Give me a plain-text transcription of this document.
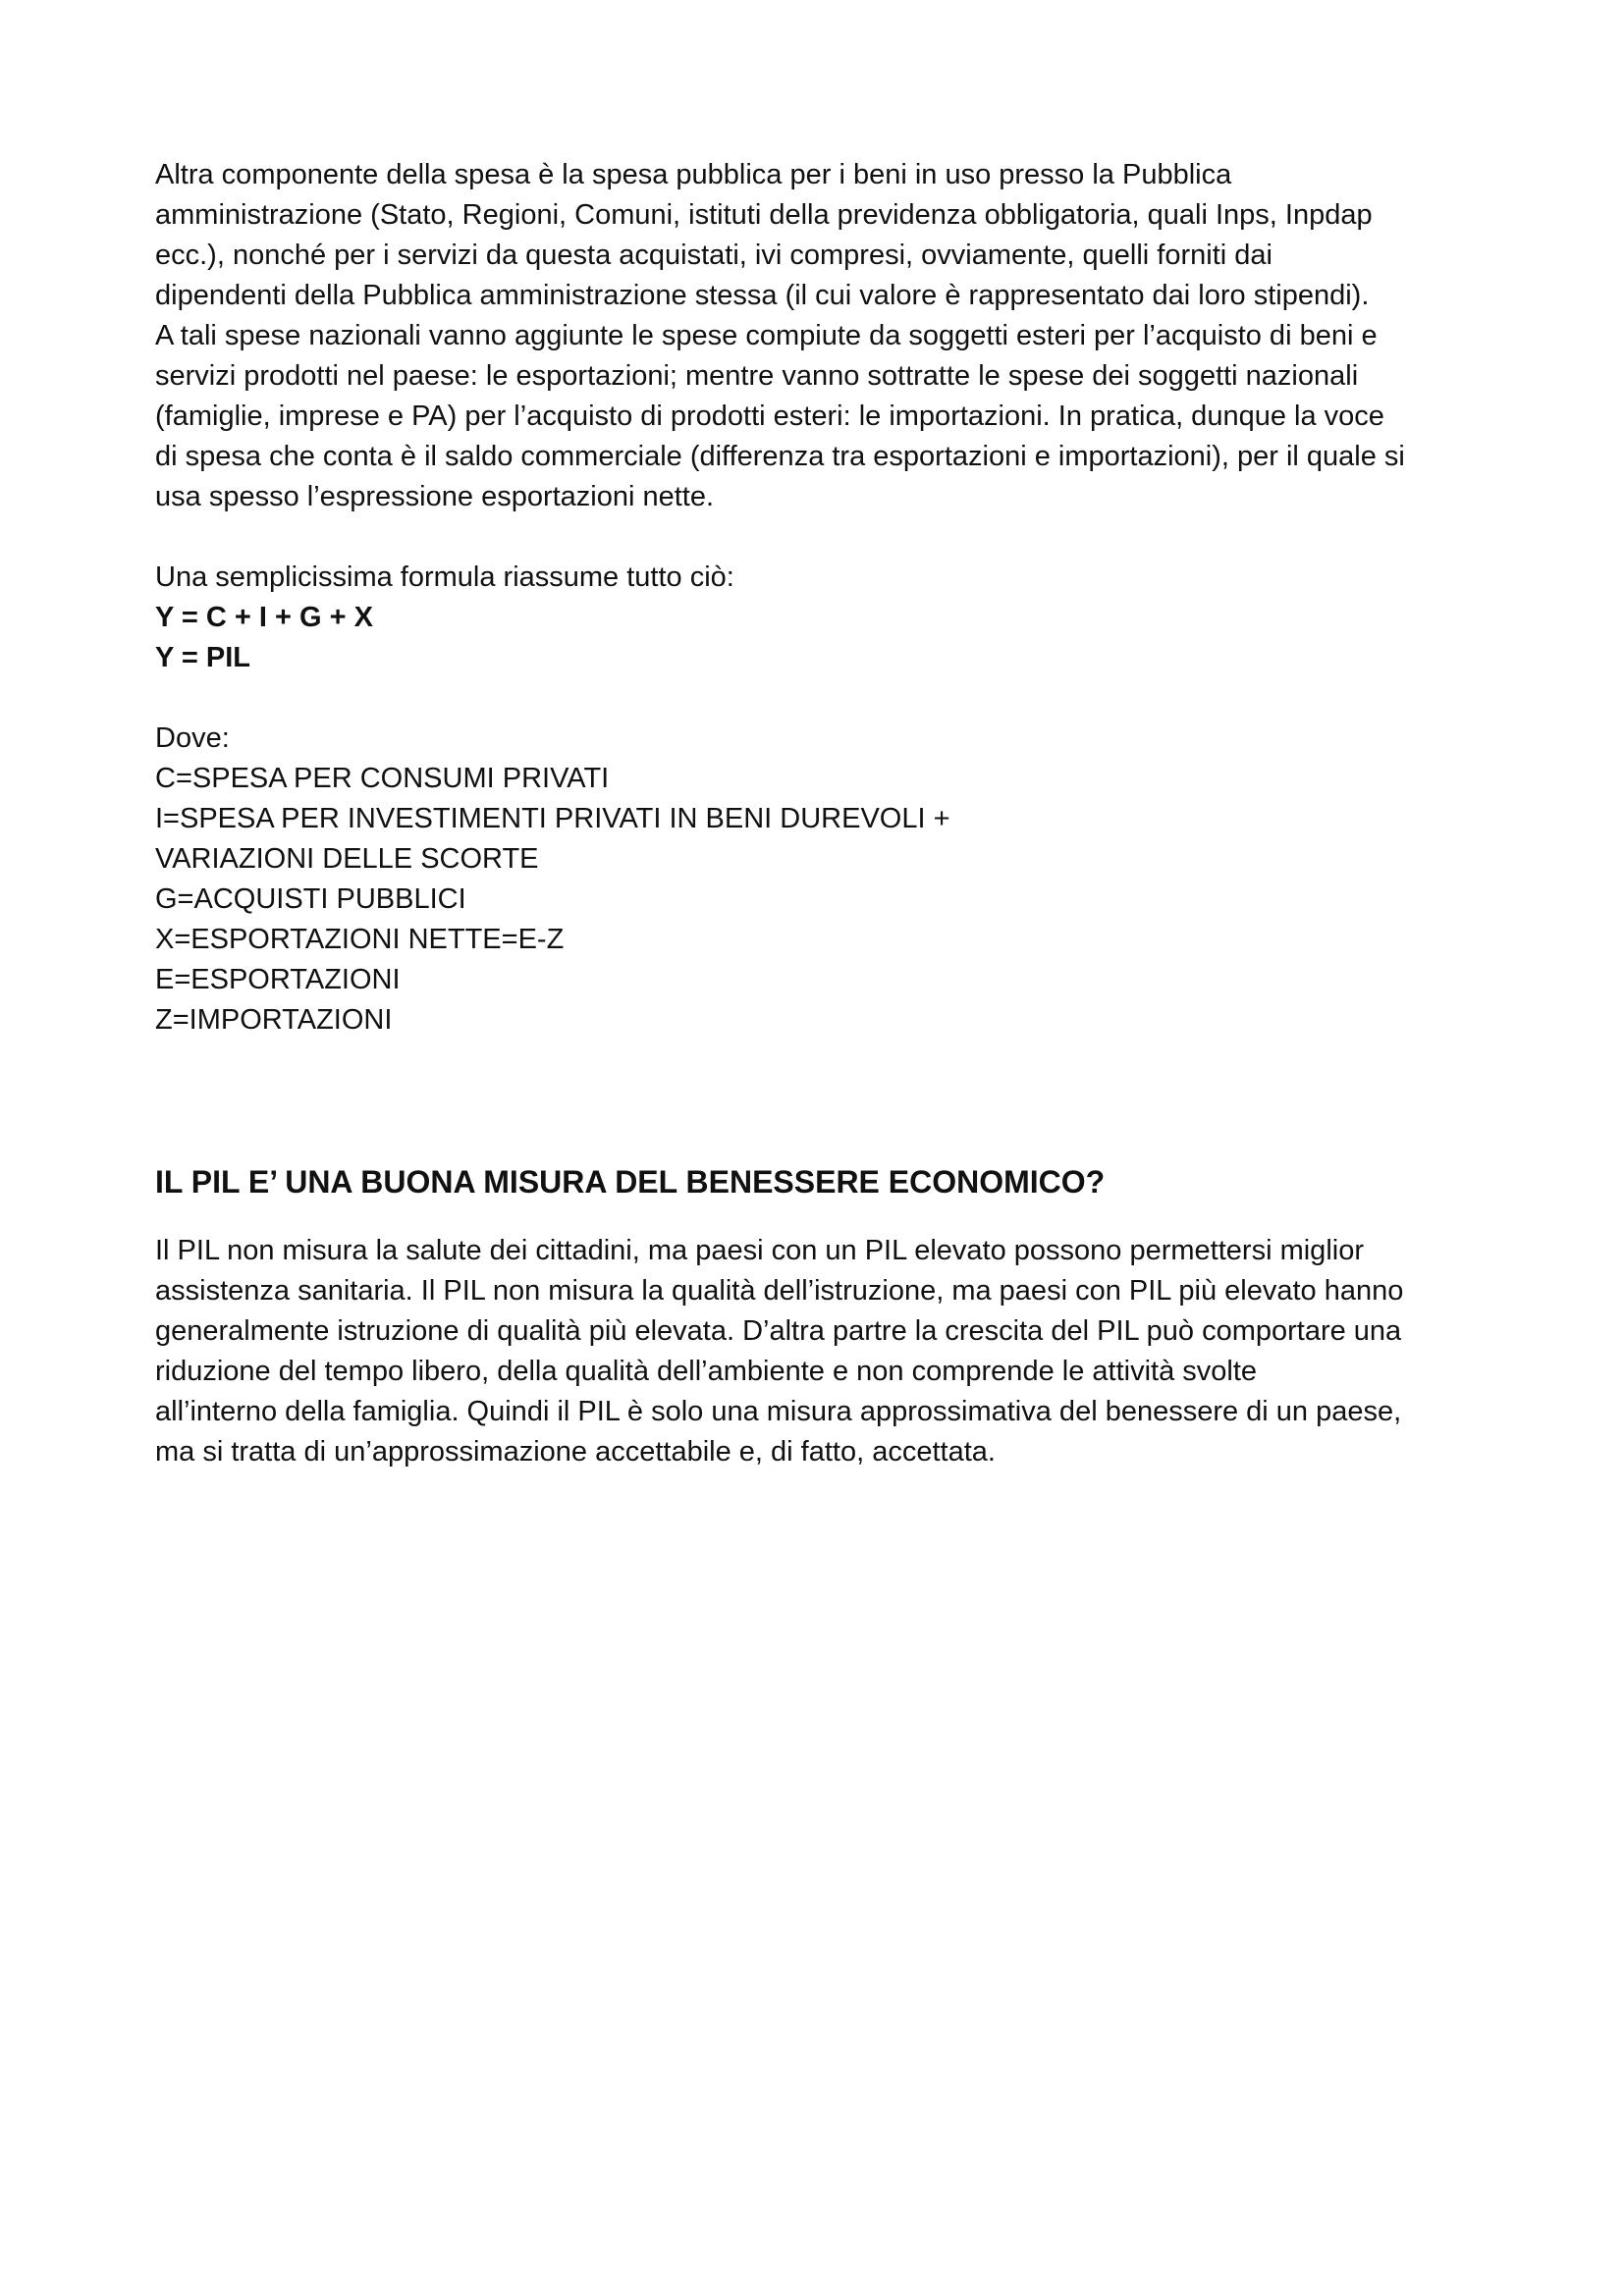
Altra componente della spesa è la spesa pubblica per i beni in uso presso la Pubblica
amministrazione (Stato, Regioni, Comuni, istituti della previdenza obbligatoria, quali Inps, Inpdap
ecc.), nonché per i servizi da questa acquistati, ivi compresi, ovviamente, quelli forniti dai
dipendenti della Pubblica amministrazione stessa (il cui valore è rappresentato dai loro stipendi).
A tali spese nazionali vanno aggiunte le spese compiute da soggetti esteri per l’acquisto di beni e
servizi prodotti nel paese: le esportazioni; mentre vanno sottratte le spese dei soggetti nazionali
(famiglie, imprese e PA) per l’acquisto di prodotti esteri: le importazioni. In pratica, dunque la voce
di spesa che conta è il saldo commerciale (differenza tra esportazioni e importazioni), per il quale si
usa spesso l’espressione esportazioni nette.
Una semplicissima formula riassume tutto ciò:
Y = C + I + G + X
Y = PIL
Dove:
C=SPESA PER CONSUMI PRIVATI
I=SPESA PER INVESTIMENTI PRIVATI IN BENI DUREVOLI +
VARIAZIONI DELLE SCORTE
G=ACQUISTI PUBBLICI
X=ESPORTAZIONI NETTE=E-Z
E=ESPORTAZIONI
Z=IMPORTAZIONI
IL PIL E’ UNA BUONA MISURA DEL BENESSERE ECONOMICO?
Il PIL non misura la salute dei cittadini, ma paesi con un PIL elevato possono permettersi miglior
assistenza sanitaria. Il PIL non misura la qualità dell’istruzione, ma paesi con PIL più elevato hanno
generalmente istruzione di qualità più elevata. D’altra partre la crescita del PIL può comportare una
riduzione del tempo libero, della qualità dell’ambiente e non comprende le attività svolte
all’interno della famiglia. Quindi il PIL è solo una misura approssimativa del benessere di un paese,
ma si tratta di un’approssimazione accettabile e, di fatto, accettata.
